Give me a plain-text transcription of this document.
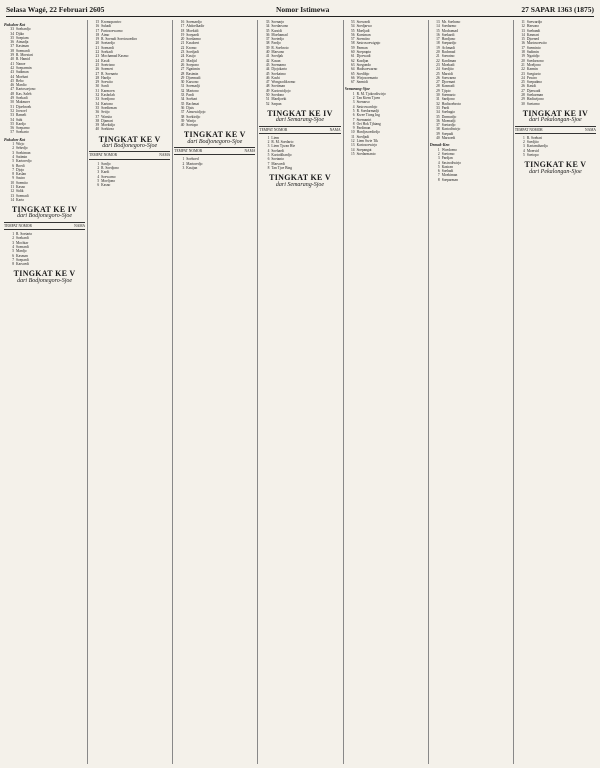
Selasa Wagé, 22 Februari 2605	Nomor Istimewa	27 SAPAR 1363 (1875)
Pakulon-Kot
33 Soehardjo
34 Djiko
35 Soepiam
36 Atmadja
37 Kasiman
38 Soemardi
39 R. Moestari
40 R. Hamid
41 Nanoe
42 Soeparmin
43 Sadiman
44 Moehari
45 Rebo
46 Mardio
47 Kartosoejono
48 Kas. Saleh
49 Soekadi
50 Makmoer
51 Djoebroek
52 Joesoef
53 Rameli
54 Sahi
55 Kardjo
56 Soeparno
57 Soekarto
Pakulon-Kot
1 Wirjo
2 Sehedjo
3 Soekiman
4 Satimin
5 Kartoredjo
6 Boedi
7 Djojo
8 Kaslan
9 Sastro
10 Soemito
11 Kasno
12 Sidik
13 Soemadi
14 Karto
TINGKAT KE IV
dari Bodjonegoro-Sjoe
TEMPAT NOMOR	NAMA
1 R. Soetarto
2 Soekardi
3 Mochtar
4 Soenardi
5 Mardjo
6 Kasman
7 Soepardi
8 Karsoedi
TINGKAT KE V
dari Bodjonegoro-Sjoe
15 Kromopawiro
16 Suhadi
17 Partosoewarno
18 Atmo
19 R. Soeradi Soeriosoediro
20 Soetardjo
21 Soenardi
22 Soekadi
23 Mochamad Kasmo
24 Kasdi
25 Soetrisno
26 Soemeri
27 R. Soenarto
28 Hardjo
29 Soewito
30 Sardi
31 Karmoen
32 Kasbolah
33 Soedjono
34 Kartono
35 Soedirman
36 Setijo
37 Warsito
38 Djamari
39 Moekidjo
40 Soekirno
TINGKAT KE V
dari Bodjonegoro-Sjoe
TEMPAT NOMOR	NAMA
1 Sardjo
2 R. Soedjono
3 Kardi
4 Soewarno
5 Moeljono
6 Kasno
16 Soemardjo
17 Abdoelkadir
18 Moekidi
19 Soepardi
20 Soedarmo
21 Kasdoeri
22 Kromo
23 Soedjadi
24 Kasijo
25 Madjid
26 Soepono
27 Ngatimin
28 Rasimin
29 Djoemadi
30 Karsono
31 Soemadji
32 Martono
33 Pardi
34 Soebari
35 Rachmat
36 Djais
37 Atmowidjojo
38 Soekirdjo
39 Warijo
40 Soetopo
TINGKAT KE V
dari Bodjonegoro-Sjoe
TEMPAT NOMOR	NAMA
1 Soehoed
2 Martoredjo
3 Kasijan
33 Soenarjo
34 Soedarsono
35 Karsidi
36 Moehamad
37 Soetedjo
38 Pardjo
39 R. Soebroto
40 Marsono
41 Soedjak
42 Kasan
43 Soemarno
44 Djojokarto
45 Soekatmo
46 Kasbi
47 Wongsodikromo
48 Soetiman
49 Kartowidjojo
50 Soedono
51 Mardjoeki
52 Sarpan
TINGKAT KE IV
dari Semarang-Sjoe
TEMPAT NOMOR	NAMA
1 Liem
2 R. M. Soedarto
3 Liem Tjwan Hie
4 Soehardi
5 Kartodihardjo
6 Soetanto
7 Marsoedi
8 Tan Tjoe Bing
TINGKAT KE V
dari Semarang-Sjoe
53 Soewardi
54 Soedjarwo
55 Moeljadi
56 Karsiman
57 Soemitro
58 Sastrosoewignjo
59 Parman
60 Soeprapto
61 Djoewadi
62 Kasdjan
63 Soegondo
64 Hadisoewarno
65 Soedibjo
66 Wirjosoemarto
67 Sarmidi
Semarang-Sjoe
1 R. M. Tjokrodiwirjo
2 Tan Kiem Tjoen
3 Soenarso
4 Sastrowardojo
5 R. Soedarmadji
6 Kwee Tiong Ing
7 Soemantri
8 Oei Hok Tjhiang
9 Pardiman
10 Hardjosoedirdjo
11 Soedjadi
12 Liem Swie Tik
13 Kartosoewirjo
14 Soepangat
15 Soedarmanto
13 Mr. Soehono
14 Soedarmo
15 Mochamad
16 Soekardi
17 Hardjono
18 Soepardjo
19 Achmadi
20 Rachmad
21 Soeratno
22 Kardiman
23 Moekadi
24 Soedjito
25 Marsidi
26 Soewarno
27 Djoemari
28 Kasmadi
29 Tjipto
30 Soemarto
31 Sardjono
32 Hadisoebroto
33 Pardi
34 Soebagio
35 Darmodjo
36 Moenadji
37 Soetardjo
38 Kartodiwirjo
39 Soepadi
40 Marsoedi
Demak-Ken
1 Woedoeno
2 Soetomo
3 Pardjan
4 Sastrodiwirjo
5 Kasiran
6 Soehadi
7 Moekiman
8 Soeparman
11 Soewardjo
12 Harsono
13 Soebandi
14 Kasmari
15 Djoened
16 Martosoewito
17 Soeminto
18 Sadimin
19 Ngatidjo
20 Soedarsono
21 Moeljono
22 Karmin
23 Soegiarto
24 Pawiro
25 Soepadmo
26 Kasidi
27 Djaswadi
28 Soekarman
29 Hadiwijono
30 Soetarno
TINGKAT KE IV
dari Pekalongan-Sjoe
TEMPAT NOMOR	NAMA
1 R. Soebari
2 Soedjito
3 Kartamihardja
4 Moersid
5 Soetopo
TINGKAT KE V
dari Pekalongan-Sjoe
